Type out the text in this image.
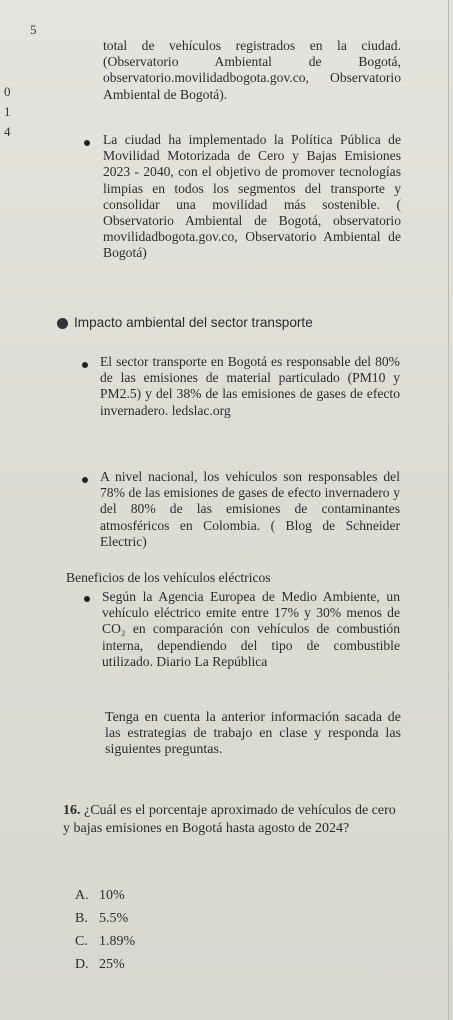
5
0
1
4
total de vehículos registrados en la ciudad. (Observatorio Ambiental de Bogotá, observatorio.movilidadbogota.gov.co, Observatorio Ambiental de Bogotá).
La ciudad ha implementado la Política Pública de Movilidad Motorizada de Cero y Bajas Emisiones 2023 - 2040, con el objetivo de promover tecnologías limpias en todos los segmentos del transporte y consolidar una movilidad más sostenible. ( Observatorio Ambiental de Bogotá, observatorio movilidadbogota.gov.co, Observatorio Ambiental de Bogotá)
Impacto ambiental del sector transporte
El sector transporte en Bogotá es responsable del 80% de las emisiones de material particulado (PM10 y PM2.5) y del 38% de las emisiones de gases de efecto invernadero. ledslac.org
A nivel nacional, los vehículos son responsables del 78% de las emisiones de gases de efecto invernadero y del 80% de las emisiones de contaminantes atmosféricos en Colombia. ( Blog de Schneider Electric)
Beneficios de los vehículos eléctricos
Según la Agencia Europea de Medio Ambiente, un vehículo eléctrico emite entre 17% y 30% menos de CO₂ en comparación con vehículos de combustión interna, dependiendo del tipo de combustible utilizado. Diario La República
Tenga en cuenta la anterior información sacada de las estrategias de trabajo en clase y responda las siguientes preguntas.
16. ¿Cuál es el porcentaje aproximado de vehículos de cero y bajas emisiones en Bogotá hasta agosto de 2024?
A. 10%
B. 5.5%
C. 1.89%
D. 25%
